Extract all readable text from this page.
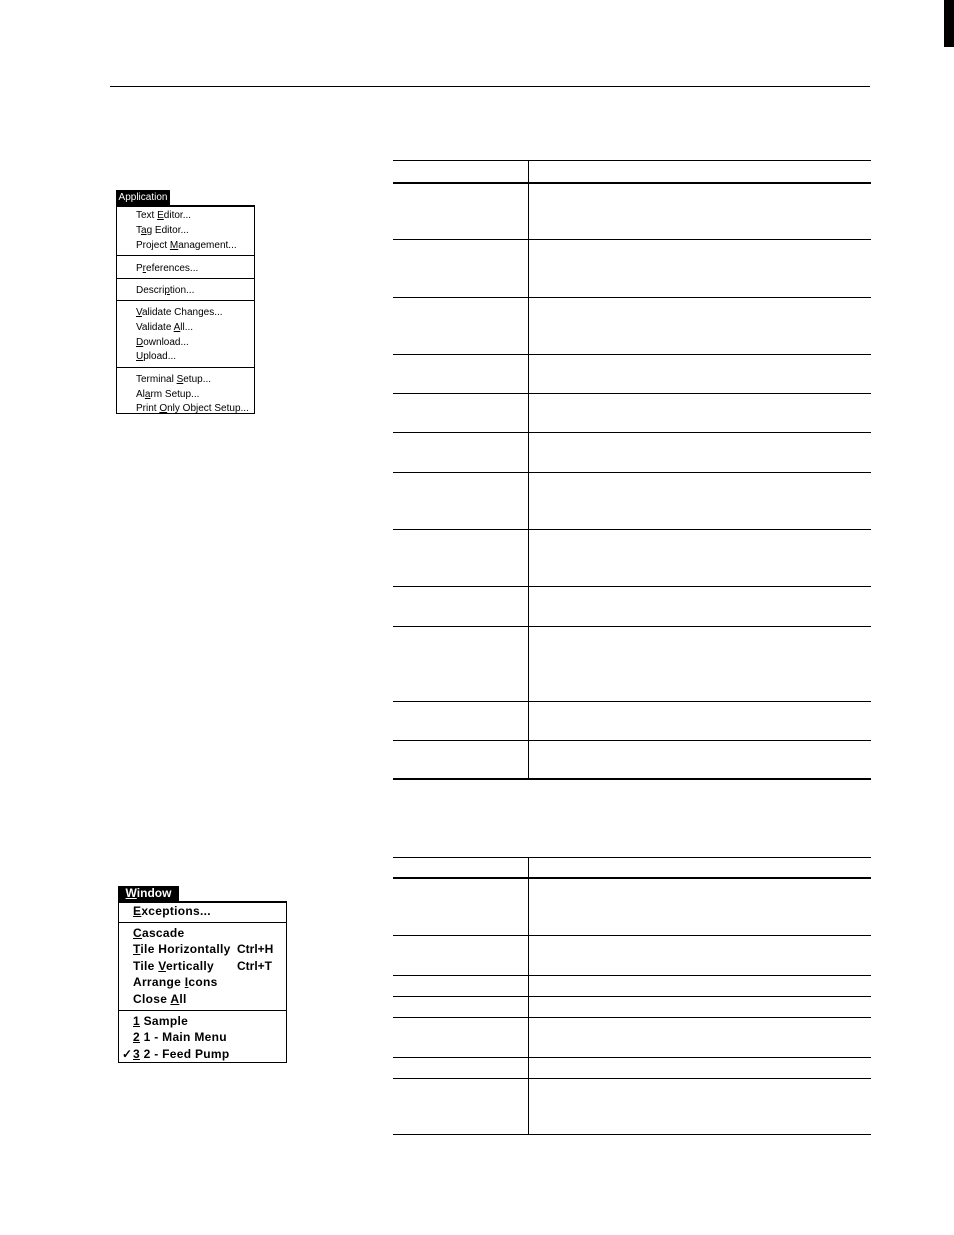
Application
Text Editor...
Tag Editor...
Project Management...
Preferences...
Description...
Validate Changes...
Validate All...
Download...
Upload...
Terminal Setup...
Alarm Setup...
Print Only Object Setup...
Window
Exceptions...
Cascade
Tile Horizontally Ctrl+H
Tile Vertically Ctrl+T
Arrange Icons
Close All
1 Sample
2 1 - Main Menu
✓ 3 2 - Feed Pump
